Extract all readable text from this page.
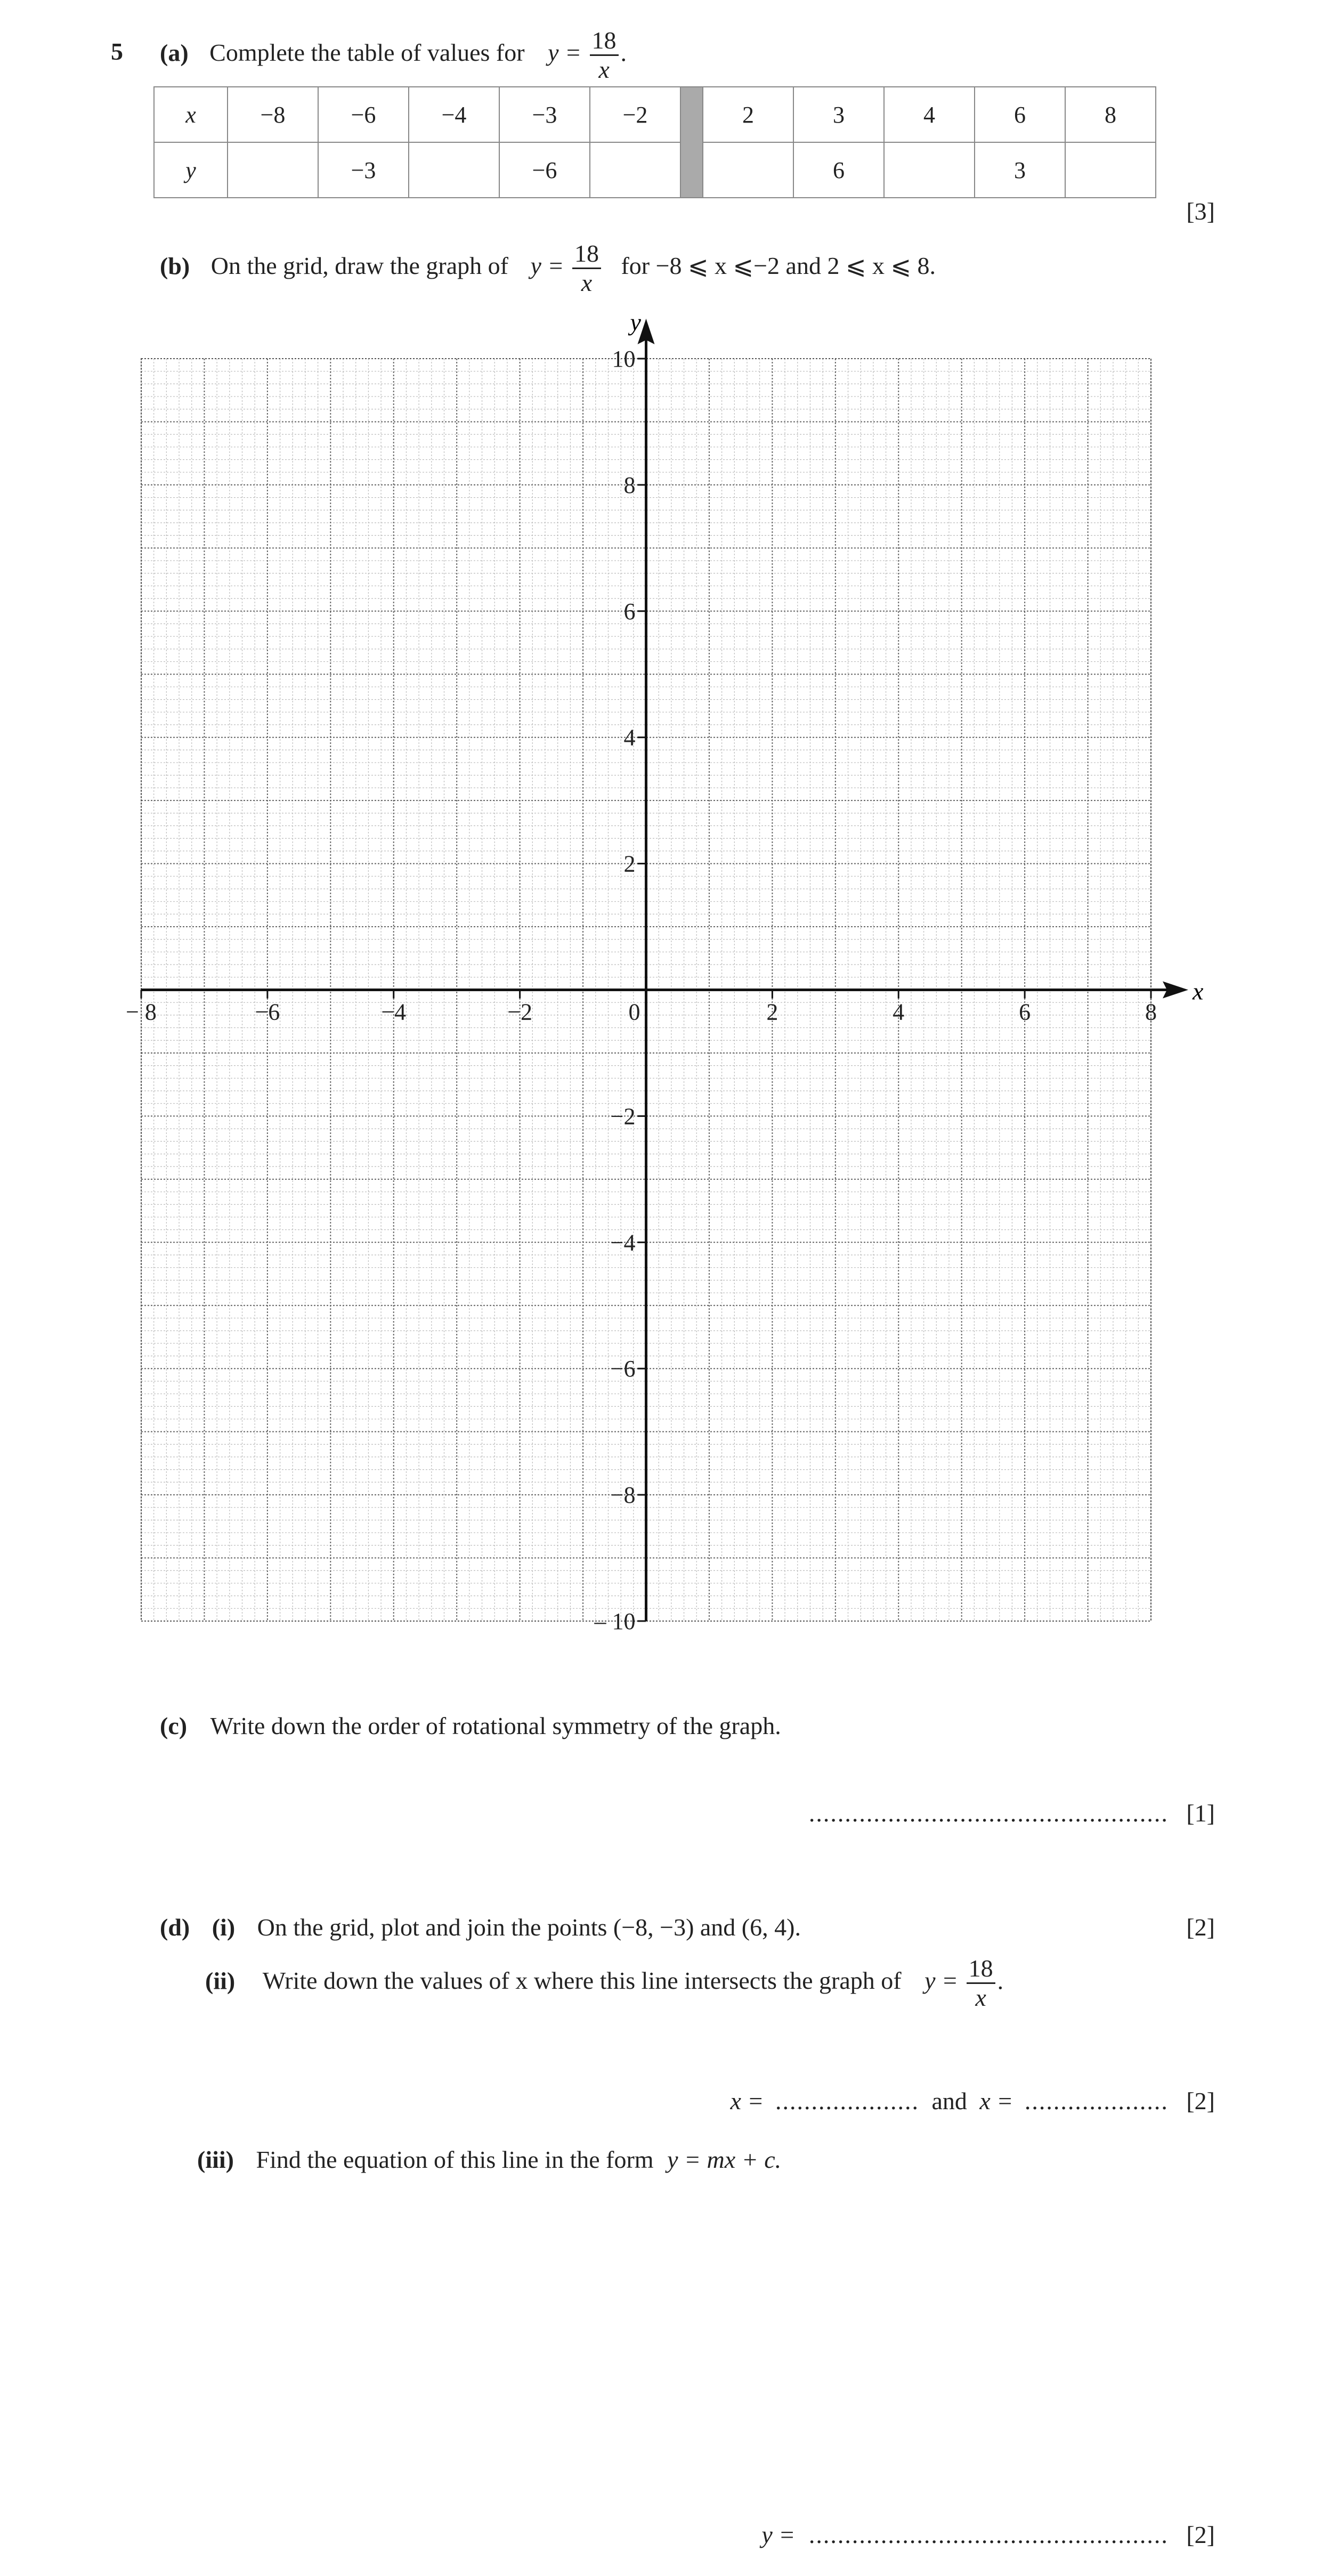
5 (a) Complete the table of values for $y = \frac{18}{x}$ .
x	−8	−6	−4	−3	−2		2	3	4	6	8
y		−3		−6				6		3	
[3]
(b) On the grid, draw the graph of $y = \frac{18}{x}$ for −8 ⩽ x ⩽−2 and 2 ⩽ x ⩽ 8.
− 8	−6	−4	−2	0	2	4	6	8
10
8
6
4
2
−2
−4
−6
−8
– 10
x
y
(c) Write down the order of rotational symmetry of the graph.
.................................................. [1]
(d) (i) On the grid, plot and join the points (−8, −3) and (6, 4).	[2]
(ii) Write down the values of x where this line intersects the graph of $y = \frac{18}{x}$ .
x = .................... and x = .................... [2]
(iii) Find the equation of this line in the form y = mx + c.
y = .................................................. [2]
